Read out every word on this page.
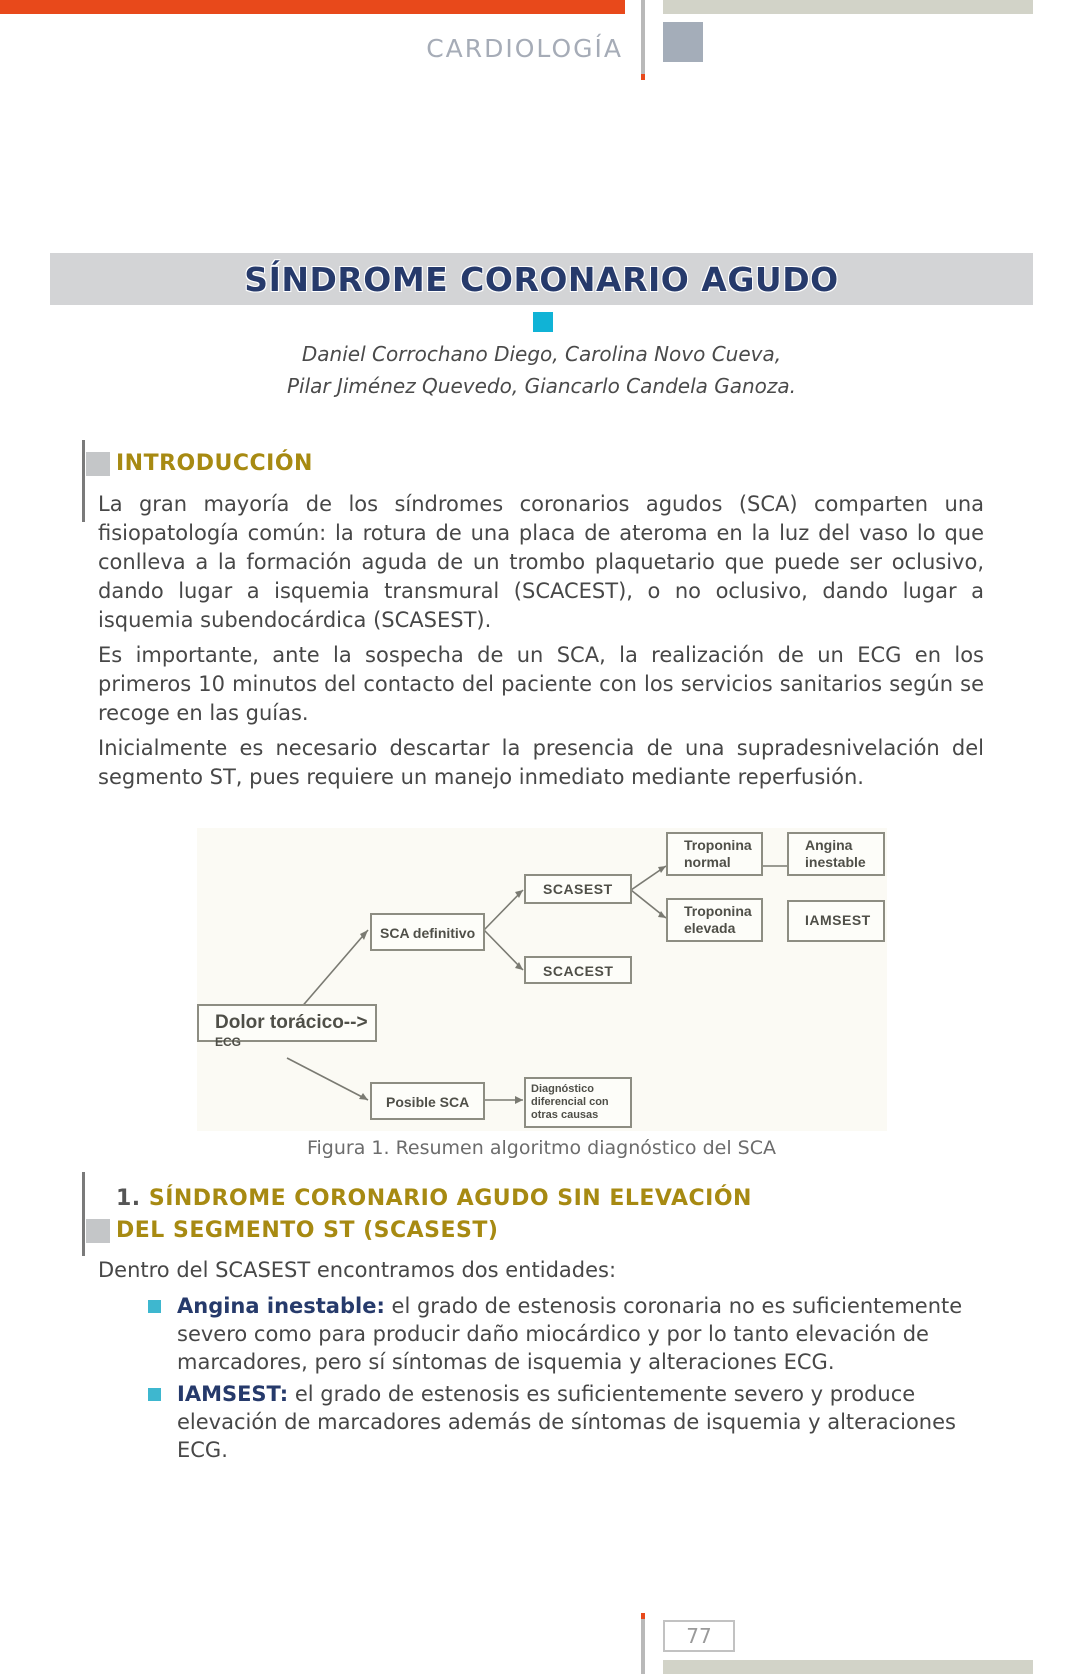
CARDIOLOGÍA
SÍNDROME CORONARIO AGUDO
Daniel Corrochano Diego, Carolina Novo Cueva,
Pilar Jiménez Quevedo, Giancarlo Candela Ganoza.
INTRODUCCIÓN

La gran mayoría de los síndromes coronarios agudos (SCA) comparten una fisiopatología común: la rotura de una placa de ateroma en la luz del vaso lo que conlleva a la formación aguda de un trombo plaquetario que puede ser oclusivo, dando lugar a isquemia transmural (SCACEST), o no oclusivo, dando lugar a isquemia subendocárdica (SCASEST).

Es importante, ante la sospecha de un SCA, la realización de un ECG en los primeros 10 minutos del contacto del paciente con los servicios sanitarios según se recoge en las guías.

Inicialmente es necesario descartar la presencia de una supradesnivelación del segmento ST, pues requiere un manejo inmediato mediante reperfusión.

Dolor torácico--> ECG
SCA definitivo
Posible SCA
SCASEST
SCACEST
Diagnóstico
diferencial con
otras causas
Troponina
normal
Troponina
elevada
Angina
inestable
IAMSEST
Figura 1. Resumen algoritmo diagnóstico del SCA
1. SÍNDROME CORONARIO AGUDO SIN ELEVACIÓN
DEL SEGMENTO ST (SCASEST)

Dentro del SCASEST encontramos dos entidades:

Angina inestable: el grado de estenosis coronaria no es suficientemente severo como para producir daño miocárdico y por lo tanto elevación de marcadores, pero sí síntomas de isquemia y alteraciones ECG.

IAMSEST: el grado de estenosis es suficientemente severo y produce elevación de marcadores además de síntomas de isquemia y alteraciones ECG.

77
